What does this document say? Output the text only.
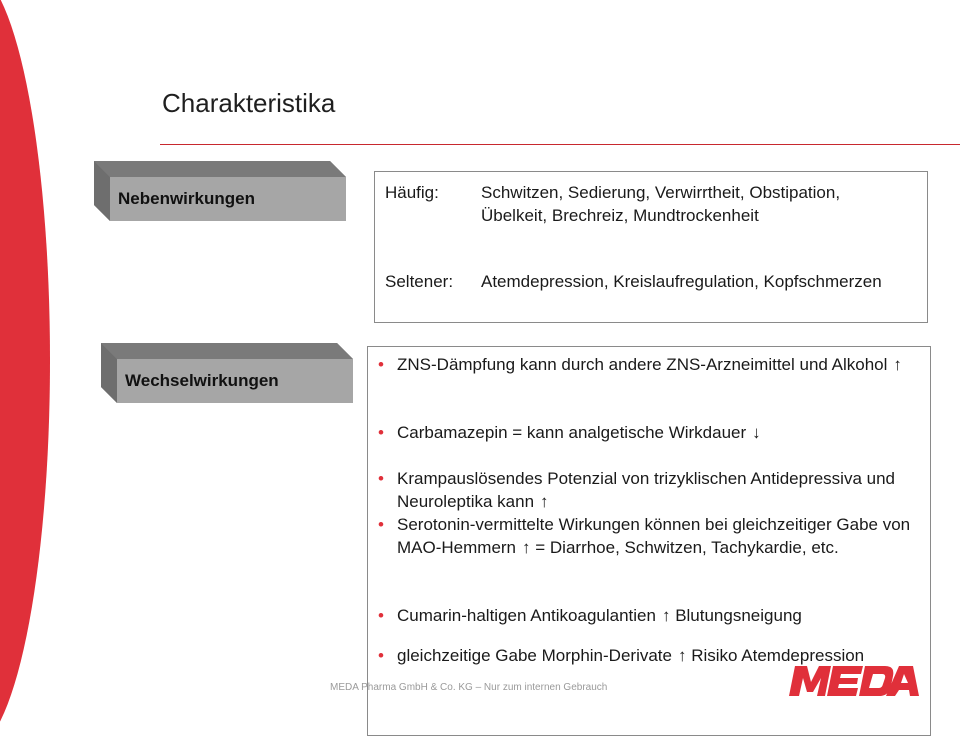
Charakteristika
Nebenwirkungen	Häufig: Schwitzen, Sedierung, Verwirrtheit, Obstipation, Übelkeit, Brechreiz, Mundtrockenheit
Seltener: Atemdepression, Kreislaufregulation, Kopfschmerzen
Wechselwirkungen
• ZNS-Dämpfung kann durch andere ZNS-Arzneimittel und Alkohol ↑
• Carbamazepin = kann analgetische Wirkdauer ↓
• Krampauslösendes Potenzial von trizyklischen Antidepressiva und Neuroleptika kann ↑
• Serotonin-vermittelte Wirkungen können bei gleichzeitiger Gabe von MAO-Hemmern ↑ = Diarrhoe, Schwitzen, Tachykardie, etc.
• Cumarin-haltigen Antikoagulantien ↑ Blutungsneigung
• gleichzeitige Gabe Morphin-Derivate ↑ Risiko Atemdepression
MEDA Pharma GmbH & Co. KG – Nur zum internen Gebrauch
